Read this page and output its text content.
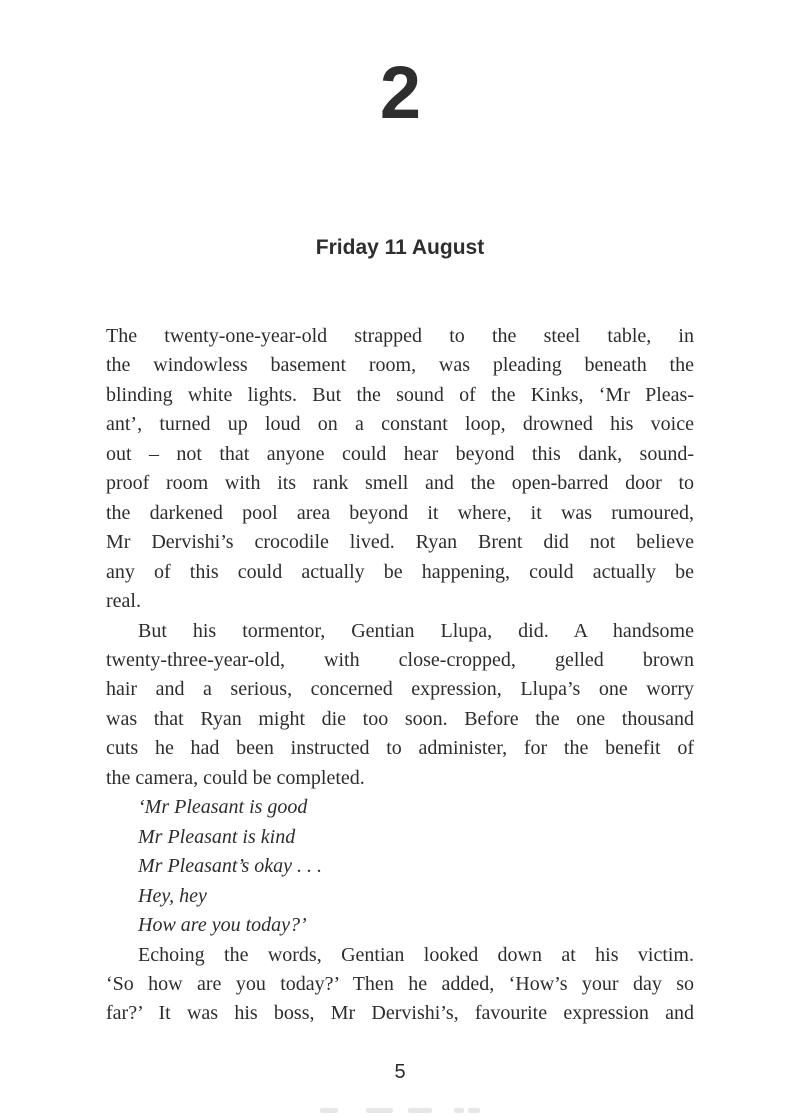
2
Friday 11 August
The twenty-one-year-old strapped to the steel table, in
the windowless basement room, was pleading beneath the
blinding white lights. But the sound of the Kinks, ‘Mr Pleas-
ant’, turned up loud on a constant loop, drowned his voice
out – not that anyone could hear beyond this dank, sound-
proof room with its rank smell and the open-barred door to
the darkened pool area beyond it where, it was rumoured,
Mr Dervishi’s crocodile lived. Ryan Brent did not believe
any of this could actually be happening, could actually be
real.
But his tormentor, Gentian Llupa, did. A handsome
twenty-three-year-old, with close-cropped, gelled brown
hair and a serious, concerned expression, Llupa’s one worry
was that Ryan might die too soon. Before the one thousand
cuts he had been instructed to administer, for the benefit of
the camera, could be completed.
‘Mr Pleasant is good
Mr Pleasant is kind
Mr Pleasant’s okay . . .
Hey, hey
How are you today?’
Echoing the words, Gentian looked down at his victim.
‘So how are you today?’ Then he added, ‘How’s your day so
far?’ It was his boss, Mr Dervishi’s, favourite expression and
5
